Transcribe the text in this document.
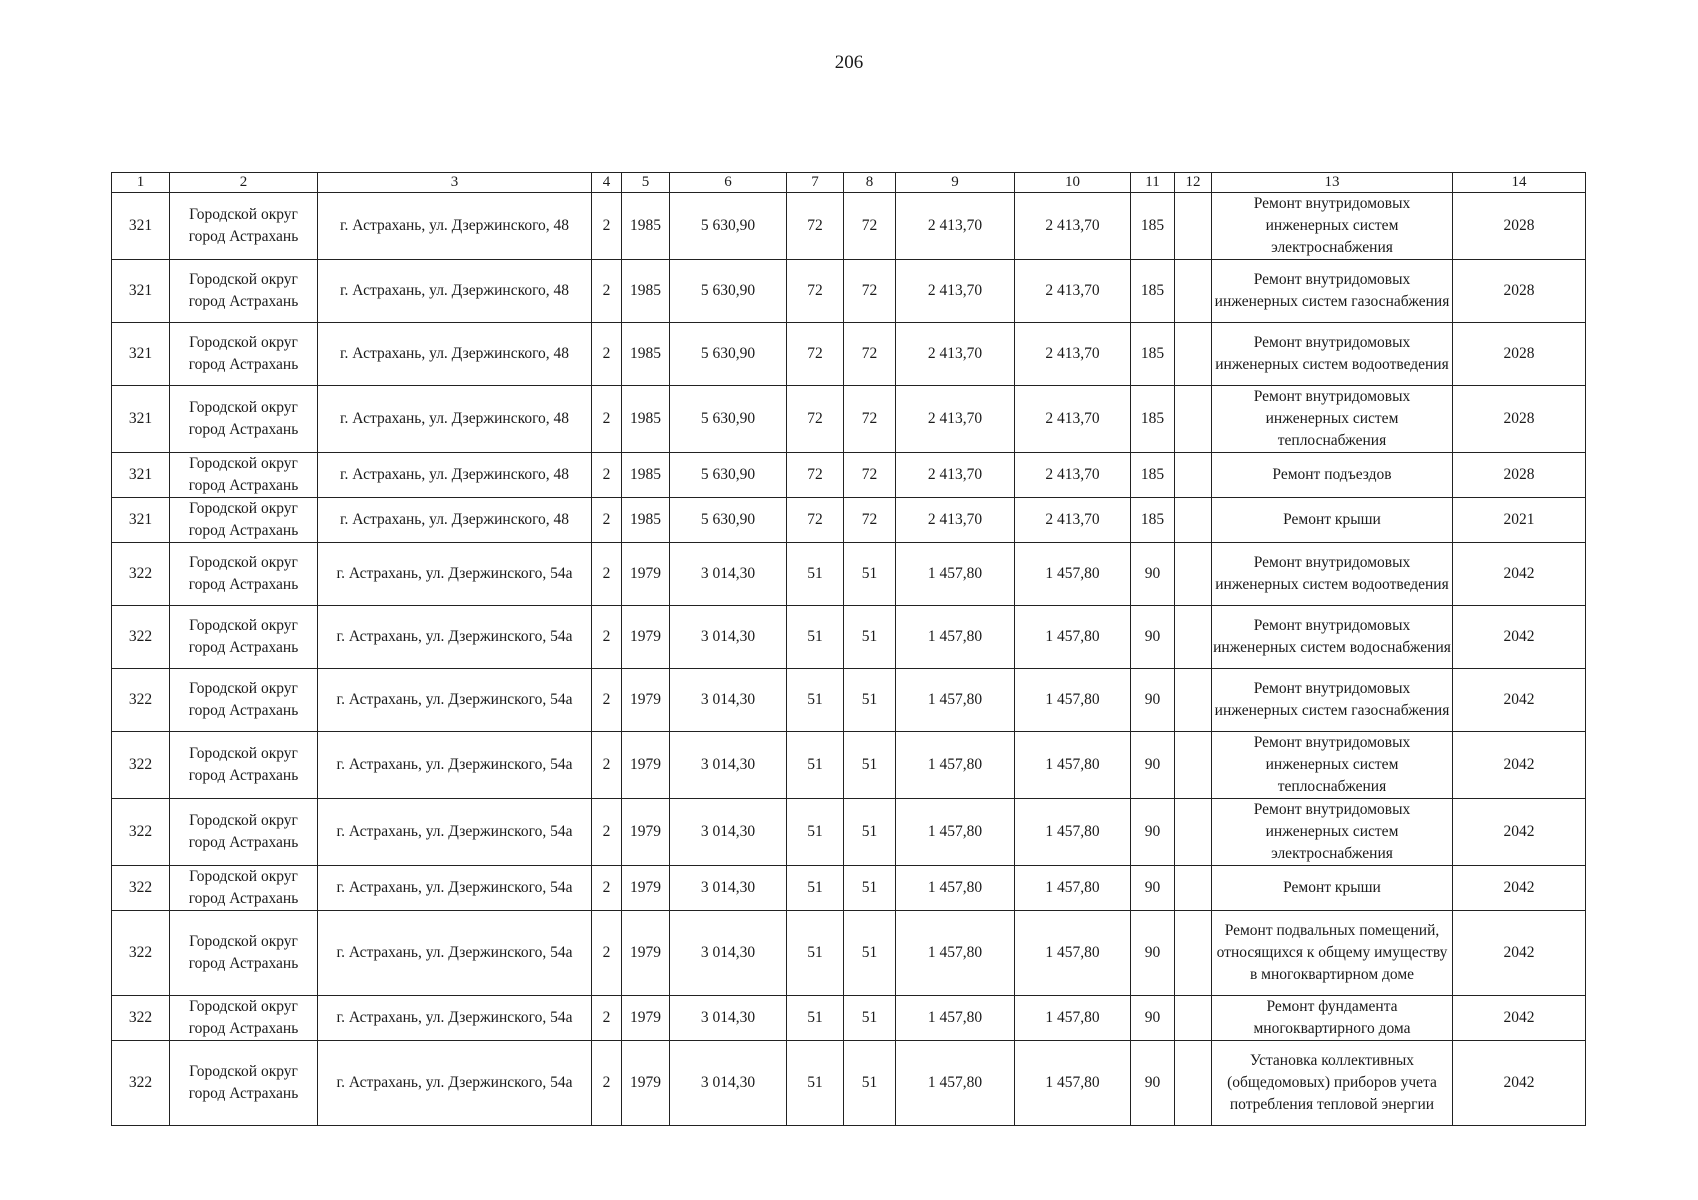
206
1	2	3	4	5	6	7	8	9	10	11	12	13	14
321	Городской округ город Астрахань	г. Астрахань, ул. Дзержинского, 48	2	1985	5 630,90	72	72	2 413,70	2 413,70	185		Ремонт внутридомовых инженерных систем электроснабжения	2028
321	Городской округ город Астрахань	г. Астрахань, ул. Дзержинского, 48	2	1985	5 630,90	72	72	2 413,70	2 413,70	185		Ремонт внутридомовых инженерных систем газоснабжения	2028
321	Городской округ город Астрахань	г. Астрахань, ул. Дзержинского, 48	2	1985	5 630,90	72	72	2 413,70	2 413,70	185		Ремонт внутридомовых инженерных систем водоотведения	2028
321	Городской округ город Астрахань	г. Астрахань, ул. Дзержинского, 48	2	1985	5 630,90	72	72	2 413,70	2 413,70	185		Ремонт внутридомовых инженерных систем теплоснабжения	2028
321	Городской округ город Астрахань	г. Астрахань, ул. Дзержинского, 48	2	1985	5 630,90	72	72	2 413,70	2 413,70	185		Ремонт подъездов	2028
321	Городской округ город Астрахань	г. Астрахань, ул. Дзержинского, 48	2	1985	5 630,90	72	72	2 413,70	2 413,70	185		Ремонт крыши	2021
322	Городской округ город Астрахань	г. Астрахань, ул. Дзержинского, 54а	2	1979	3 014,30	51	51	1 457,80	1 457,80	90		Ремонт внутридомовых инженерных систем водоотведения	2042
322	Городской округ город Астрахань	г. Астрахань, ул. Дзержинского, 54а	2	1979	3 014,30	51	51	1 457,80	1 457,80	90		Ремонт внутридомовых инженерных систем водоснабжения	2042
322	Городской округ город Астрахань	г. Астрахань, ул. Дзержинского, 54а	2	1979	3 014,30	51	51	1 457,80	1 457,80	90		Ремонт внутридомовых инженерных систем газоснабжения	2042
322	Городской округ город Астрахань	г. Астрахань, ул. Дзержинского, 54а	2	1979	3 014,30	51	51	1 457,80	1 457,80	90		Ремонт внутридомовых инженерных систем теплоснабжения	2042
322	Городской округ город Астрахань	г. Астрахань, ул. Дзержинского, 54а	2	1979	3 014,30	51	51	1 457,80	1 457,80	90		Ремонт внутридомовых инженерных систем электроснабжения	2042
322	Городской округ город Астрахань	г. Астрахань, ул. Дзержинского, 54а	2	1979	3 014,30	51	51	1 457,80	1 457,80	90		Ремонт крыши	2042
322	Городской округ город Астрахань	г. Астрахань, ул. Дзержинского, 54а	2	1979	3 014,30	51	51	1 457,80	1 457,80	90		Ремонт подвальных помещений, относящихся к общему имуществу в многоквартирном доме	2042
322	Городской округ город Астрахань	г. Астрахань, ул. Дзержинского, 54а	2	1979	3 014,30	51	51	1 457,80	1 457,80	90		Ремонт фундамента многоквартирного дома	2042
322	Городской округ город Астрахань	г. Астрахань, ул. Дзержинского, 54а	2	1979	3 014,30	51	51	1 457,80	1 457,80	90		Установка коллективных (общедомовых) приборов учета потребления тепловой энергии	2042
